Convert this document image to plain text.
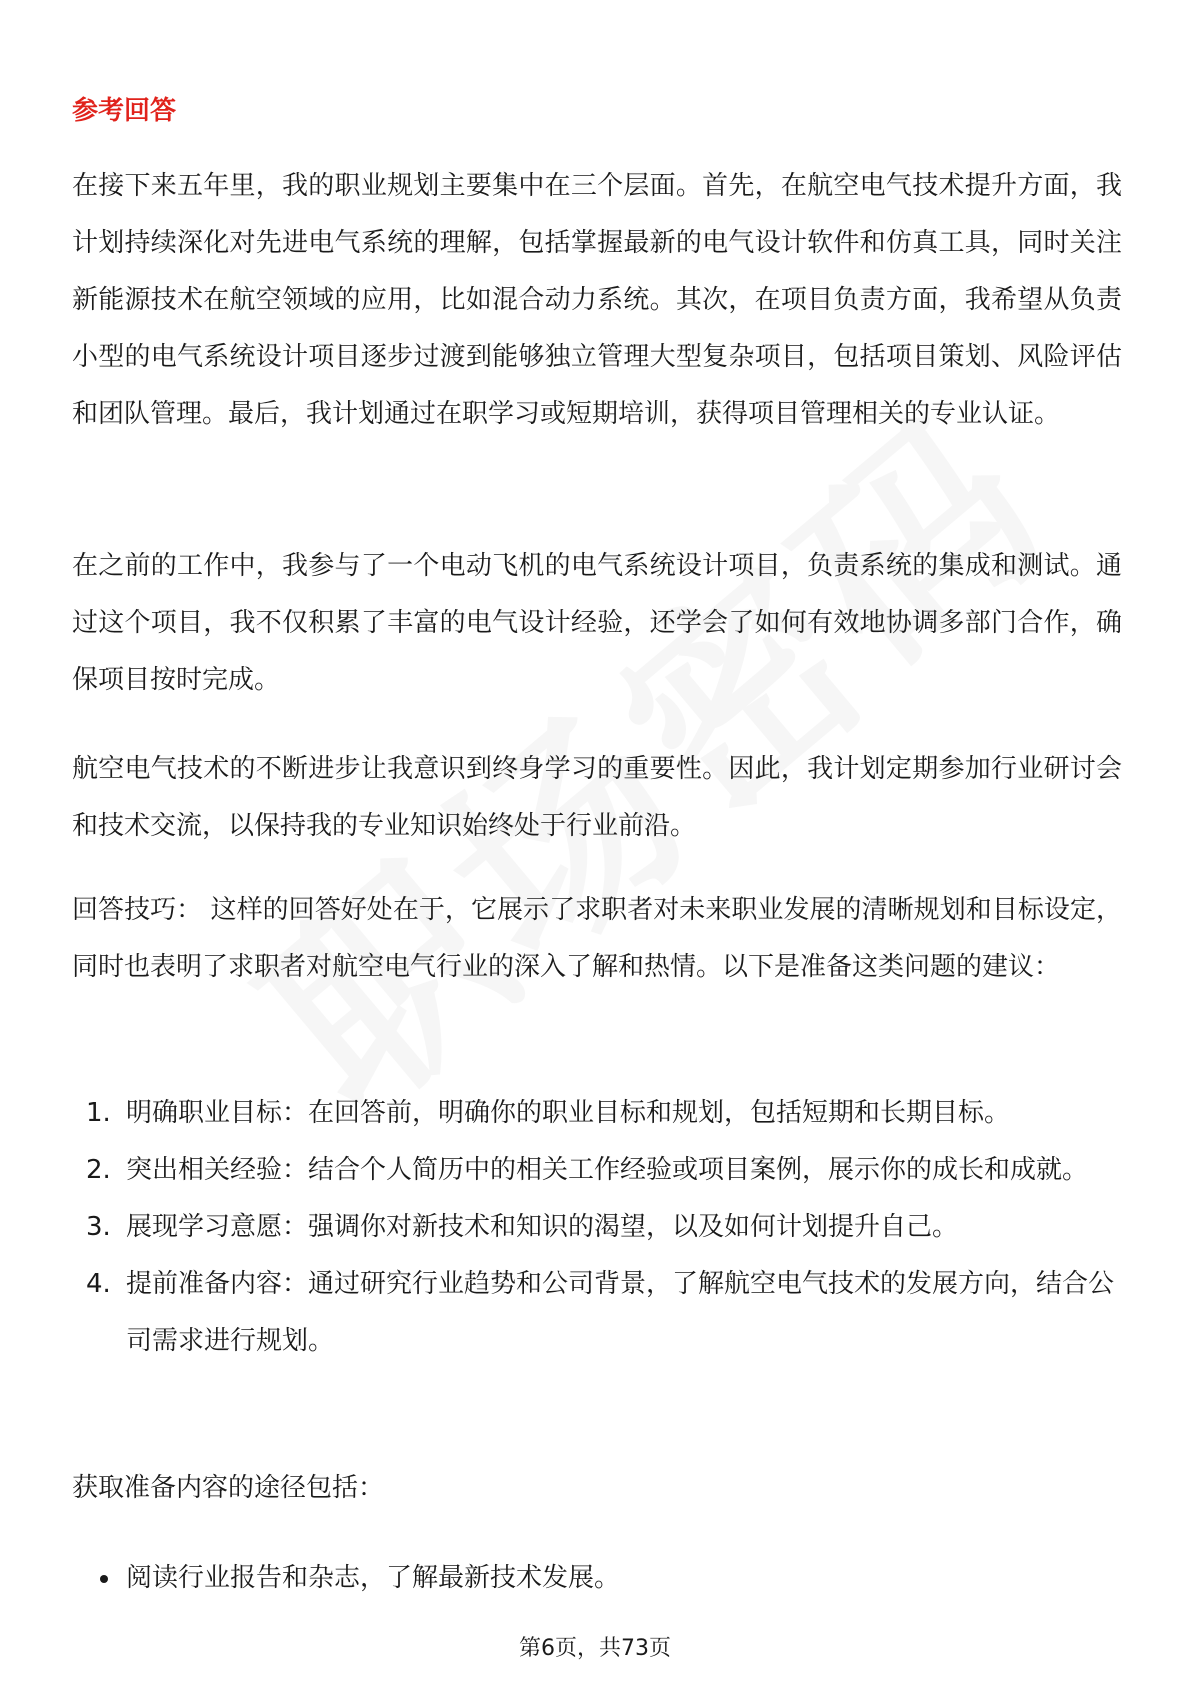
参考回答

在接下来五年里，我的职业规划主要集中在三个层面。首先，在航空电气技术提升方面，我计划持续深化对先进电气系统的理解，包括掌握最新的电气设计软件和仿真工具，同时关注新能源技术在航空领域的应用，比如混合动力系统。其次，在项目负责方面，我希望从负责小型的电气系统设计项目逐步过渡到能够独立管理大型复杂项目，包括项目策划、风险评估和团队管理。最后，我计划通过在职学习或短期培训，获得项目管理相关的专业认证。

在之前的工作中，我参与了一个电动飞机的电气系统设计项目，负责系统的集成和测试。通过这个项目，我不仅积累了丰富的电气设计经验，还学会了如何有效地协调多部门合作，确保项目按时完成。

航空电气技术的不断进步让我意识到终身学习的重要性。因此，我计划定期参加行业研讨会和技术交流，以保持我的专业知识始终处于行业前沿。

回答技巧： 这样的回答好处在于，它展示了求职者对未来职业发展的清晰规划和目标设定，同时也表明了求职者对航空电气行业的深入了解和热情。以下是准备这类问题的建议：

1. 明确职业目标：在回答前，明确你的职业目标和规划，包括短期和长期目标。
2. 突出相关经验：结合个人简历中的相关工作经验或项目案例，展示你的成长和成就。
3. 展现学习意愿：强调你对新技术和知识的渴望，以及如何计划提升自己。
4. 提前准备内容：通过研究行业趋势和公司背景，了解航空电气技术的发展方向，结合公司需求进行规划。

获取准备内容的途径包括：

阅读行业报告和杂志，了解最新技术发展。
第6页，共73页
